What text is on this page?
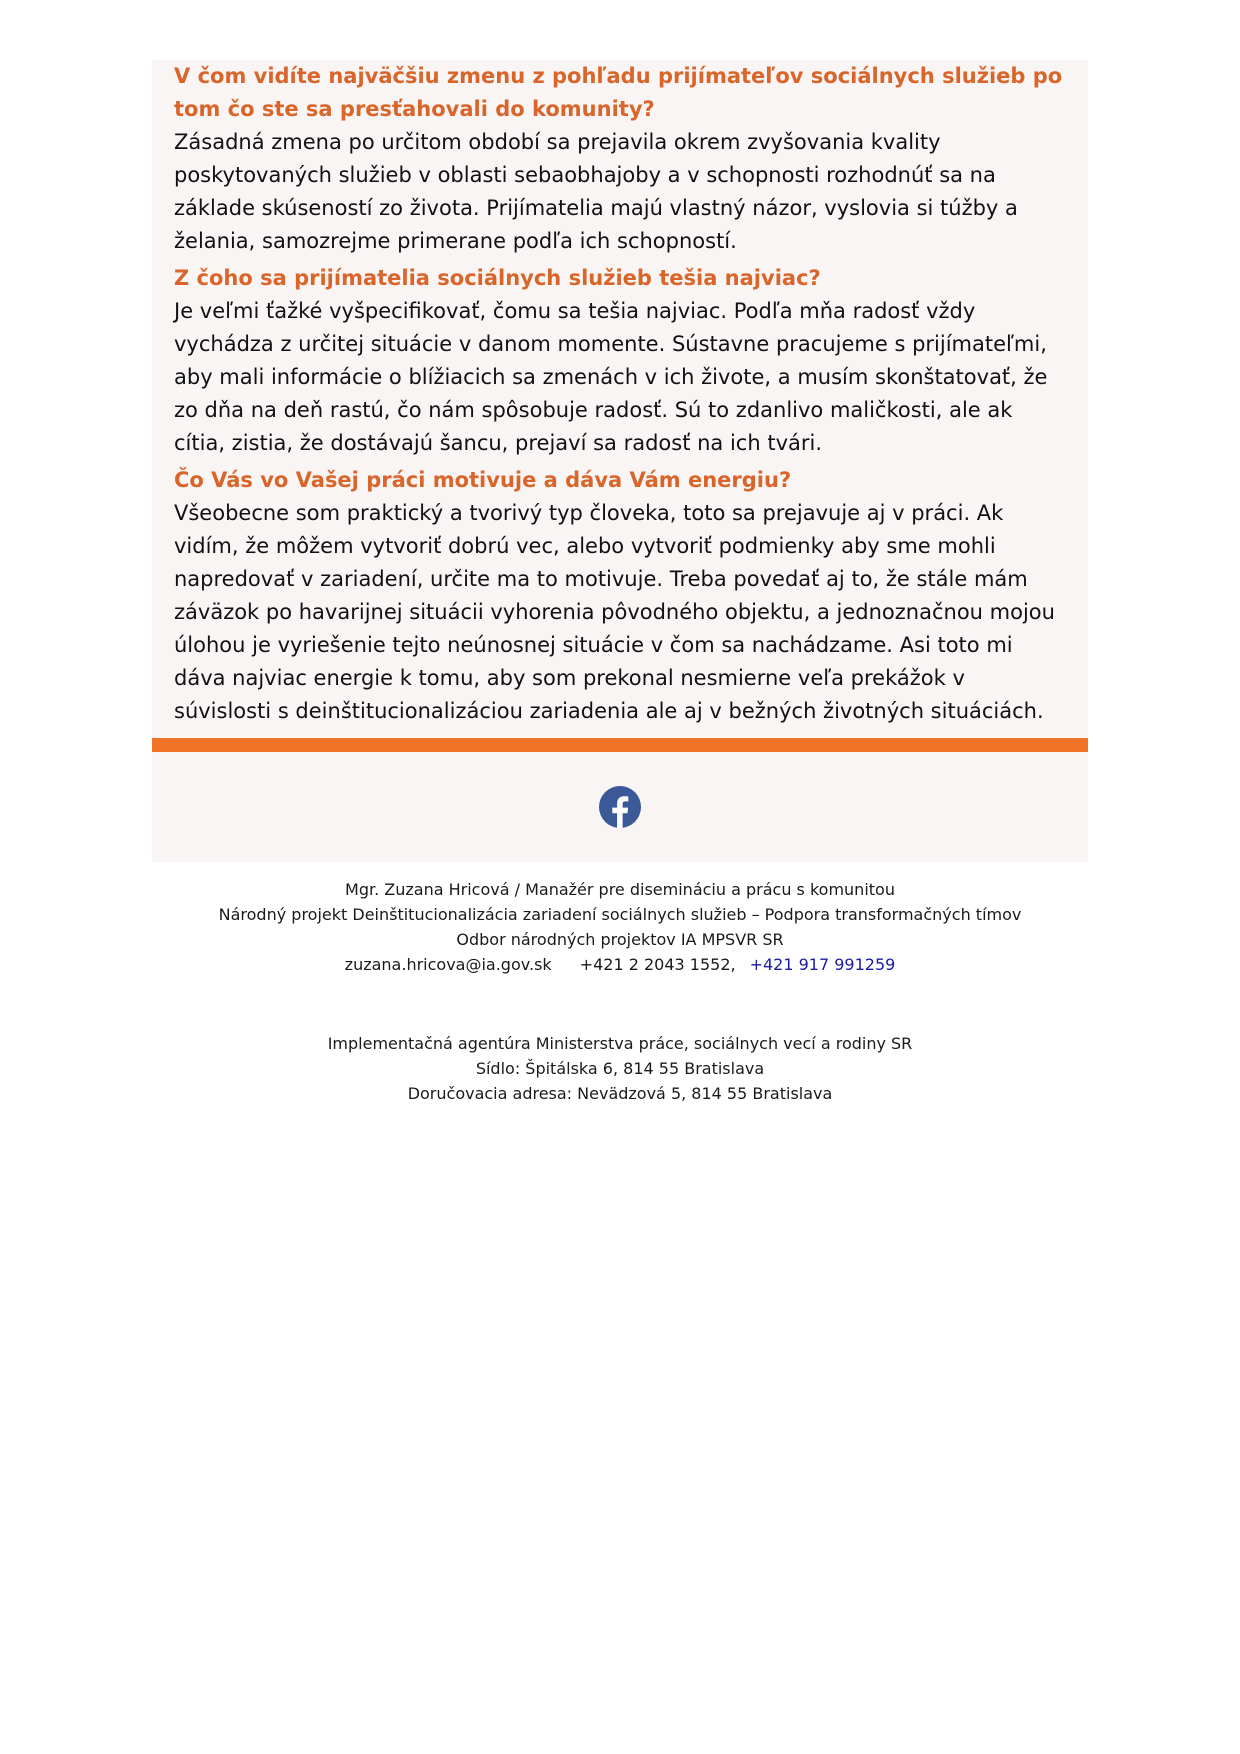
V čom vidíte najväčšiu zmenu z pohľadu prijímateľov sociálnych služieb po tom čo ste sa presťahovali do komunity?

Zásadná zmena po určitom období sa prejavila okrem zvyšovania kvality poskytovaných služieb v oblasti sebaobhajoby a v schopnosti rozhodnúť sa na základe skúseností zo života. Prijímatelia majú vlastný názor, vyslovia si túžby a želania, samozrejme primerane podľa ich schopností.

Z čoho sa prijímatelia sociálnych služieb tešia najviac?

Je veľmi ťažké vyšpecifikovať, čomu sa tešia najviac. Podľa mňa radosť vždy vychádza z určitej situácie v danom momente. Sústavne pracujeme s prijímateľmi, aby mali informácie o blížiacich sa zmenách v ich živote, a musím skonštatovať, že zo dňa na deň rastú, čo nám spôsobuje radosť. Sú to zdanlivo maličkosti, ale ak cítia, zistia, že dostávajú šancu, prejaví sa radosť na ich tvári.

Čo Vás vo Vašej práci motivuje a dáva Vám energiu?

Všeobecne som praktický a tvorivý typ človeka, toto sa prejavuje aj v práci. Ak vidím, že môžem vytvoriť dobrú vec, alebo vytvoriť podmienky aby sme mohli napredovať v zariadení, určite ma to motivuje. Treba povedať aj to, že stále mám záväzok po havarijnej situácii vyhorenia pôvodného objektu, a jednoznačnou mojou úlohou je vyriešenie tejto neúnosnej situácie v čom sa nachádzame. Asi toto mi dáva najviac energie k tomu, aby som prekonal nesmierne veľa prekážok v súvislosti s deinštitucionalizáciou zariadenia ale aj v bežných životných situáciách.

Mgr. Zuzana Hricová / Manažér pre disemináciu a prácu s komunitou

Národný projekt Deinštitucionalizácia zariadení sociálnych služieb – Podpora transformačných tímov

Odbor národných projektov IA MPSVR SR

zuzana.hricova@ia.gov.sk +421 2 2043 1552, +421 917 991259

Implementačná agentúra Ministerstva práce, sociálnych vecí a rodiny SR

Sídlo: Špitálska 6, 814 55 Bratislava

Doručovacia adresa: Nevädzová 5, 814 55 Bratislava
